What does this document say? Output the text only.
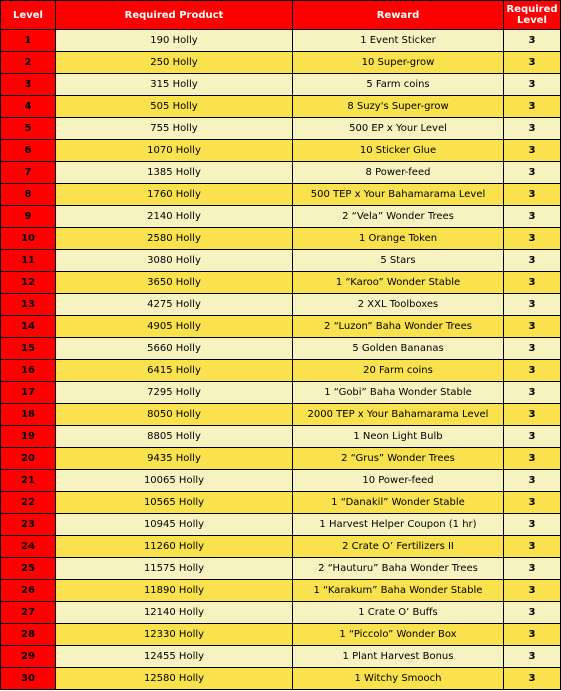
Level	Required Product	Reward	Required Level
1	190 Holly	1 Event Sticker	3
2	250 Holly	10 Super-grow	3
3	315 Holly	5 Farm coins	3
4	505 Holly	8 Suzy's Super-grow	3
5	755 Holly	500 EP x Your Level	3
6	1070 Holly	10 Sticker Glue	3
7	1385 Holly	8 Power-feed	3
8	1760 Holly	500 TEP x Your Bahamarama Level	3
9	2140 Holly	2 “Vela” Wonder Trees	3
10	2580 Holly	1 Orange Token	3
11	3080 Holly	5 Stars	3
12	3650 Holly	1 “Karoo” Wonder Stable	3
13	4275 Holly	2 XXL Toolboxes	3
14	4905 Holly	2 “Luzon” Baha Wonder Trees	3
15	5660 Holly	5 Golden Bananas	3
16	6415 Holly	20 Farm coins	3
17	7295 Holly	1 “Gobi” Baha Wonder Stable	3
18	8050 Holly	2000 TEP x Your Bahamarama Level	3
19	8805 Holly	1 Neon Light Bulb	3
20	9435 Holly	2 “Grus” Wonder Trees	3
21	10065 Holly	10 Power-feed	3
22	10565 Holly	1 “Danakil” Wonder Stable	3
23	10945 Holly	1 Harvest Helper Coupon (1 hr)	3
24	11260 Holly	2 Crate O’ Fertilizers II	3
25	11575 Holly	2 “Hauturu” Baha Wonder Trees	3
26	11890 Holly	1 “Karakum” Baha Wonder Stable	3
27	12140 Holly	1 Crate O’ Buffs	3
28	12330 Holly	1 “Piccolo” Wonder Box	3
29	12455 Holly	1 Plant Harvest Bonus	3
30	12580 Holly	1 Witchy Smooch	3
